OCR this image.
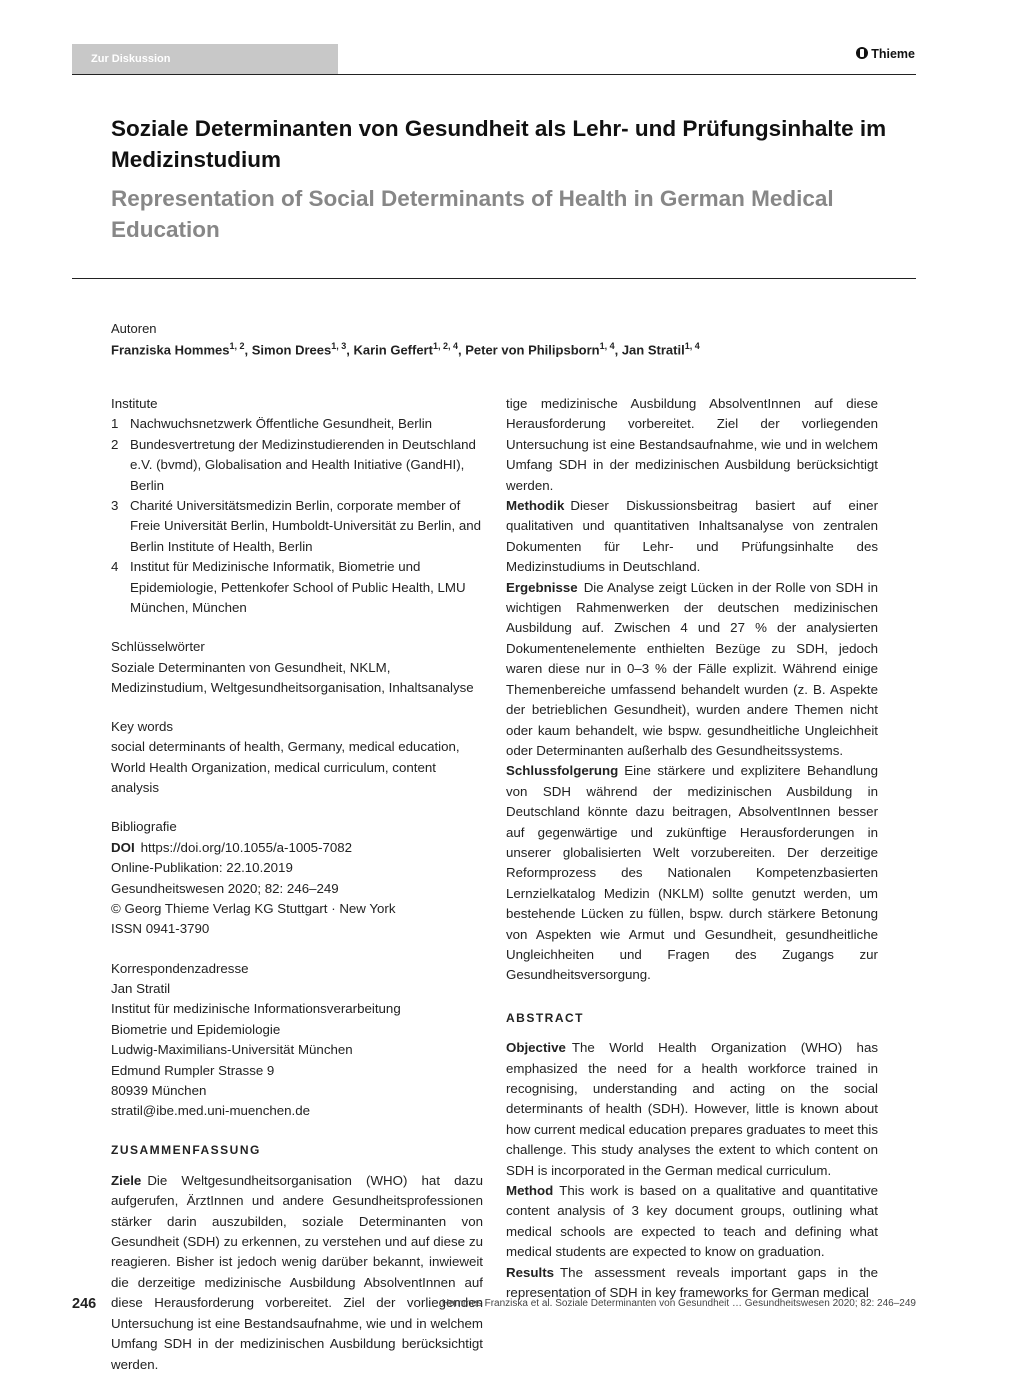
Zur Diskussion	Thieme
Soziale Determinanten von Gesundheit als Lehr- und Prüfungsinhalte im Medizinstudium
Representation of Social Determinants of Health in German Medical Education
Autoren
Franziska Hommes$^{1, 2}$, Simon Drees$^{1, 3}$, Karin Geffert$^{1, 2, 4}$, Peter von Philipsborn$^{1, 4}$, Jan Stratil$^{1, 4}$
Institute
1 Nachwuchsnetzwerk Öffentliche Gesundheit, Berlin
2 Bundesvertretung der Medizinstudierenden in Deutschland e.V. (bvmd), Globalisation and Health Initiative (GandHI), Berlin
3 Charité Universitätsmedizin Berlin, corporate member of Freie Universität Berlin, Humboldt-Universität zu Berlin, and Berlin Institute of Health, Berlin
4 Institut für Medizinische Informatik, Biometrie und Epidemiologie, Pettenkofer School of Public Health, LMU München, München
Schlüsselwörter
Soziale Determinanten von Gesundheit, NKLM, Medizinstudium, Weltgesundheitsorganisation, Inhaltsanalyse
Key words
social determinants of health, Germany, medical education, World Health Organization, medical curriculum, content analysis
Bibliografie
DOI https://doi.org/10.1055/a-1005-7082
Online-Publikation: 22.10.2019
Gesundheitswesen 2020; 82: 246–249
© Georg Thieme Verlag KG Stuttgart · New York
ISSN 0941-3790
Korrespondenzadresse
Jan Stratil
Institut für medizinische Informationsverarbeitung
Biometrie und Epidemiologie
Ludwig-Maximilians-Universität München
Edmund Rumpler Strasse 9
80939 München
stratil@ibe.med.uni-muenchen.de
ZUSAMMENFASSUNG
Ziele Die Weltgesundheitsorganisation (WHO) hat dazu aufgerufen, ÄrztInnen und andere Gesundheitsprofessionen stärker darin auszubilden, soziale Determinanten von Gesundheit (SDH) zu erkennen, zu verstehen und auf diese zu reagieren. Bisher ist jedoch wenig darüber bekannt, inwieweit die derzeitige medizinische Ausbildung AbsolventInnen auf diese Herausforderung vorbereitet. Ziel der vorliegenden Untersuchung ist eine Bestandsaufnahme, wie und in welchem Umfang SDH in der medizinischen Ausbildung berücksichtigt werden.
tige medizinische Ausbildung AbsolventInnen auf diese Herausforderung vorbereitet. Ziel der vorliegenden Untersuchung ist eine Bestandsaufnahme, wie und in welchem Umfang SDH in der medizinischen Ausbildung berücksichtigt werden.
Methodik Dieser Diskussionsbeitrag basiert auf einer qualitativen und quantitativen Inhaltsanalyse von zentralen Dokumenten für Lehr- und Prüfungsinhalte des Medizinstudiums in Deutschland.
Ergebnisse Die Analyse zeigt Lücken in der Rolle von SDH in wichtigen Rahmenwerken der deutschen medizinischen Ausbildung auf. Zwischen 4 und 27 % der analysierten Dokumentenelemente enthielten Bezüge zu SDH, jedoch waren diese nur in 0–3 % der Fälle explizit. Während einige Themenbereiche umfassend behandelt wurden (z. B. Aspekte der betrieblichen Gesundheit), wurden andere Themen nicht oder kaum behandelt, wie bspw. gesundheitliche Ungleichheit oder Determinanten außerhalb des Gesundheitssystems.
Schlussfolgerung Eine stärkere und explizitere Behandlung von SDH während der medizinischen Ausbildung in Deutschland könnte dazu beitragen, AbsolventInnen besser auf gegenwärtige und zukünftige Herausforderungen in unserer globalisierten Welt vorzubereiten. Der derzeitige Reformprozess des Nationalen Kompetenzbasierten Lernzielkatalog Medizin (NKLM) sollte genutzt werden, um bestehende Lücken zu füllen, bspw. durch stärkere Betonung von Aspekten wie Armut und Gesundheit, gesundheitliche Ungleichheiten und Fragen des Zugangs zur Gesundheitsversorgung.
ABSTRACT
Objective The World Health Organization (WHO) has emphasized the need for a health workforce trained in recognising, understanding and acting on the social determinants of health (SDH). However, little is known about how current medical education prepares graduates to meet this challenge. This study analyses the extent to which content on SDH is incorporated in the German medical curriculum.
Method This work is based on a qualitative and quantitative content analysis of 3 key document groups, outlining what medical schools are expected to teach and defining what medical students are expected to know on graduation.
Results The assessment reveals important gaps in the representation of SDH in key frameworks for German medical
246	Hommes Franziska et al. Soziale Determinanten von Gesundheit … Gesundheitswesen 2020; 82: 246–249
